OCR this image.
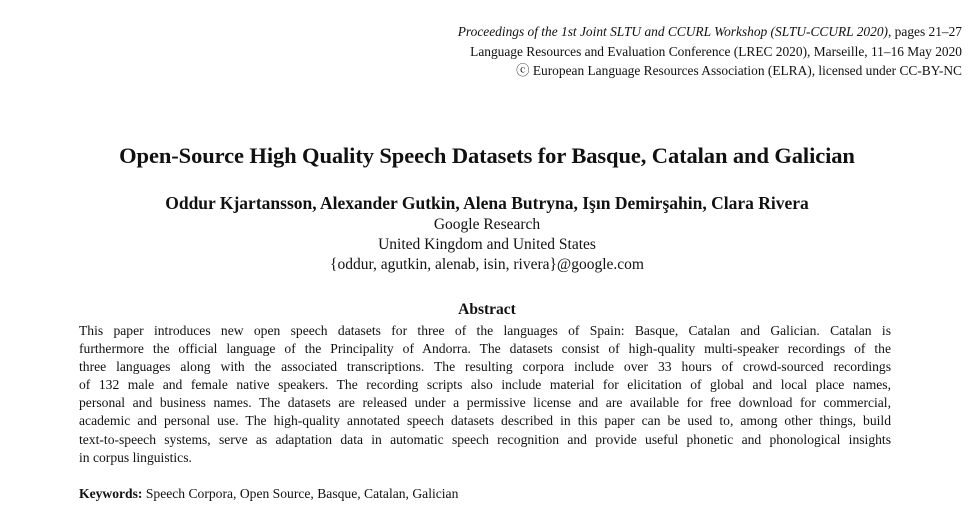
Proceedings of the 1st Joint SLTU and CCURL Workshop (SLTU-CCURL 2020), pages 21–27
Language Resources and Evaluation Conference (LREC 2020), Marseille, 11–16 May 2020
ⓒ European Language Resources Association (ELRA), licensed under CC-BY-NC
Open-Source High Quality Speech Datasets for Basque, Catalan and Galician
Oddur Kjartansson, Alexander Gutkin, Alena Butryna, Işın Demirşahin, Clara Rivera
Google Research
United Kingdom and United States
{oddur, agutkin, alenab, isin, rivera}@google.com
Abstract
This paper introduces new open speech datasets for three of the languages of Spain: Basque, Catalan and Galician. Catalan is
furthermore the official language of the Principality of Andorra. The datasets consist of high-quality multi-speaker recordings of the
three languages along with the associated transcriptions. The resulting corpora include over 33 hours of crowd-sourced recordings
of 132 male and female native speakers. The recording scripts also include material for elicitation of global and local place names,
personal and business names. The datasets are released under a permissive license and are available for free download for commercial,
academic and personal use. The high-quality annotated speech datasets described in this paper can be used to, among other things, build
text-to-speech systems, serve as adaptation data in automatic speech recognition and provide useful phonetic and phonological insights
in corpus linguistics.
Keywords: Speech Corpora, Open Source, Basque, Catalan, Galician
